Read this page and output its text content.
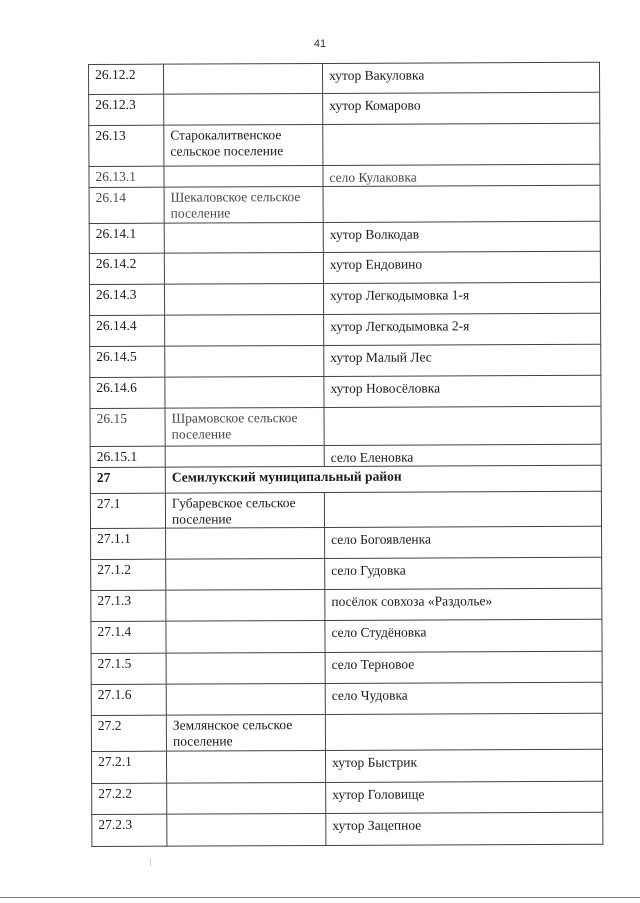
41
26.12.2		хутор Вакуловка
26.12.3		хутор Комарово
26.13	Старокалитвенское сельское поселение	
26.13.1		село Кулаковка
26.14	Шекаловское сельское поселение	
26.14.1		хутор Волкодав
26.14.2		хутор Ендовино
26.14.3		хутор Легкодымовка 1-я
26.14.4		хутор Легкодымовка 2-я
26.14.5		хутор Малый Лес
26.14.6		хутор Новосёловка
26.15	Шрамовское сельское поселение	
26.15.1		село Еленовка
27	Семилукский муниципальный район	
27.1	Губаревское сельское поселение	
27.1.1		село Богоявленка
27.1.2		село Гудовка
27.1.3		посёлок совхоза «Раздолье»
27.1.4		село Студёновка
27.1.5		село Терновое
27.1.6		село Чудовка
27.2	Землянское сельское поселение	
27.2.1		хутор Быстрик
27.2.2		хутор Головище
27.2.3		хутор Зацепное
